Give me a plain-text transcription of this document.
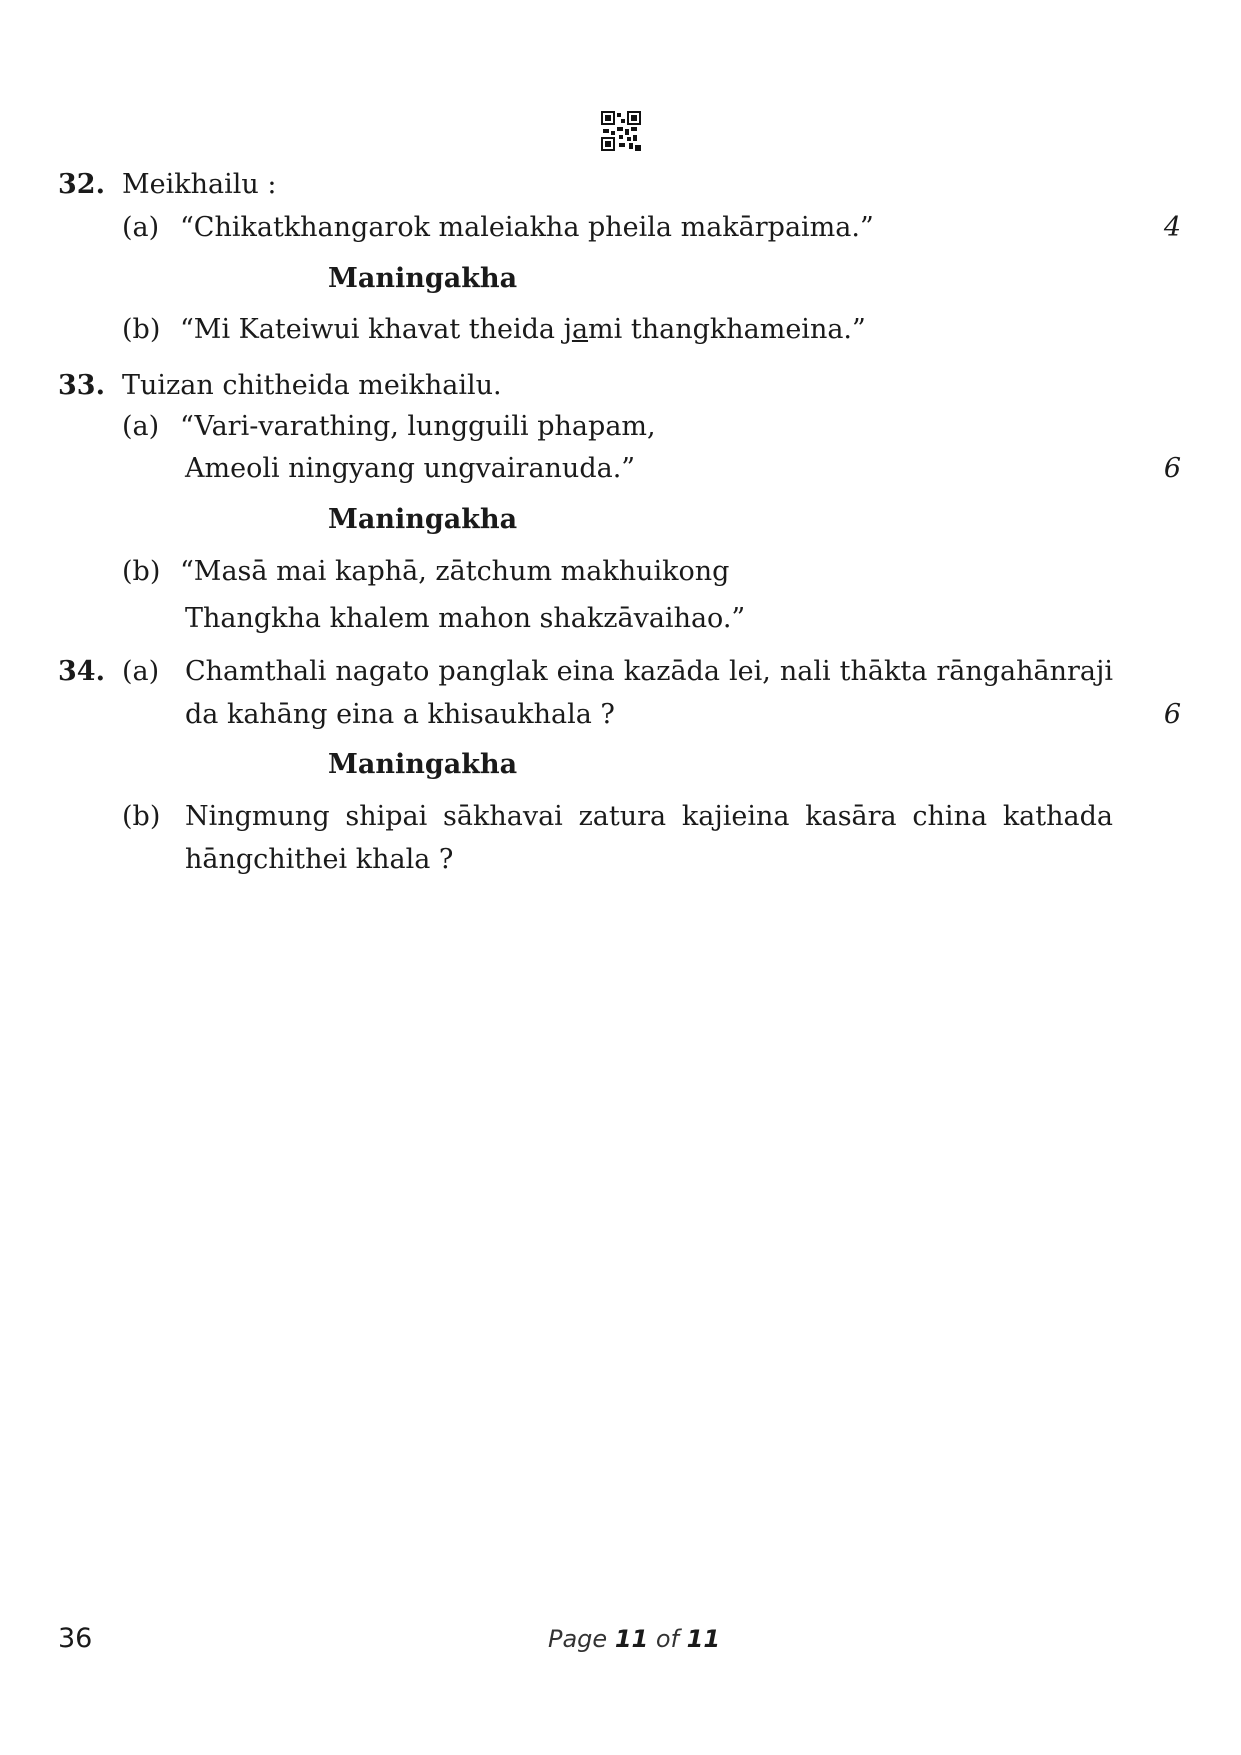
32. Meikhailu :
(a) “Chikatkhangarok maleiakha pheila makārpaima.”	4
Maningakha
(b) “Mi Kateiwui khavat theida jami thangkhameina.”
33. Tuizan chitheida meikhailu.
(a) “Vari-varathing, lungguili phapam,
Ameoli ningyang ungvairanuda.”	6
Maningakha
(b) “Masā mai kaphā, zātchum makhuikong
Thangkha khalem mahon shakzāvaihao.”
34. (a) Chamthali nagato panglak eina kazāda lei, nali thākta rāngahānraji da kahāng eina a khisaukhala ?	6
Maningakha
(b) Ningmung shipai sākhavai zatura kajieina kasāra china kathada hāngchithei khala ?
36	Page 11 of 11
